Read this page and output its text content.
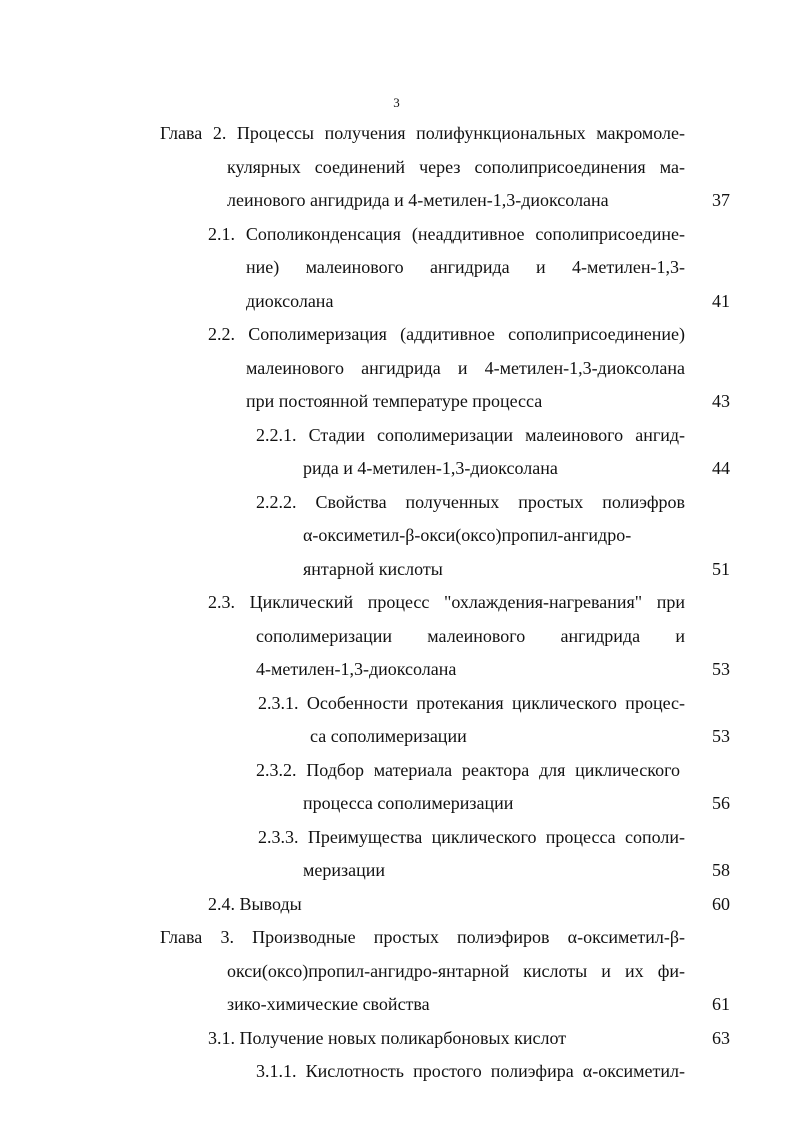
3
Глава 2. Процессы получения полифункциональных макромоле-
кулярных соединений через сополиприсоединения ма-
леинового ангидрида и 4-метилен-1,3-диоксолана	37
2.1. Сополиконденсация (неаддитивное сополиприсоедине-
ние) малеинового ангидрида и 4-метилен-1,3-
диоксолана	41
2.2. Сополимеризация (аддитивное сополиприсоединение)
малеинового ангидрида и 4-метилен-1,3-диоксолана
при постоянной температуре процесса	43
2.2.1. Стадии сополимеризации малеинового ангид-
рида и 4-метилен-1,3-диоксолана	44
2.2.2. Свойства полученных простых полиэфров
α-оксиметил-β-окси(оксо)пропил-ангидро-
янтарной кислоты	51
2.3. Циклический процесс "охлаждения-нагревания" при
сополимеризации малеинового ангидрида и
4-метилен-1,3-диоксолана	53
2.3.1. Особенности протекания циклического процес-
са сополимеризации	53
2.3.2. Подбор материала реактора для циклического
процесса сополимеризации	56
2.3.3. Преимущества циклического процесса сополи-
меризации	58
2.4. Выводы	60
Глава 3. Производные простых полиэфиров α-оксиметил-β-
окси(оксо)пропил-ангидро-янтарной кислоты и их фи-
зико-химические свойства	61
3.1. Получение новых поликарбоновых кислот	63
3.1.1. Кислотность простого полиэфира α-оксиметил-
